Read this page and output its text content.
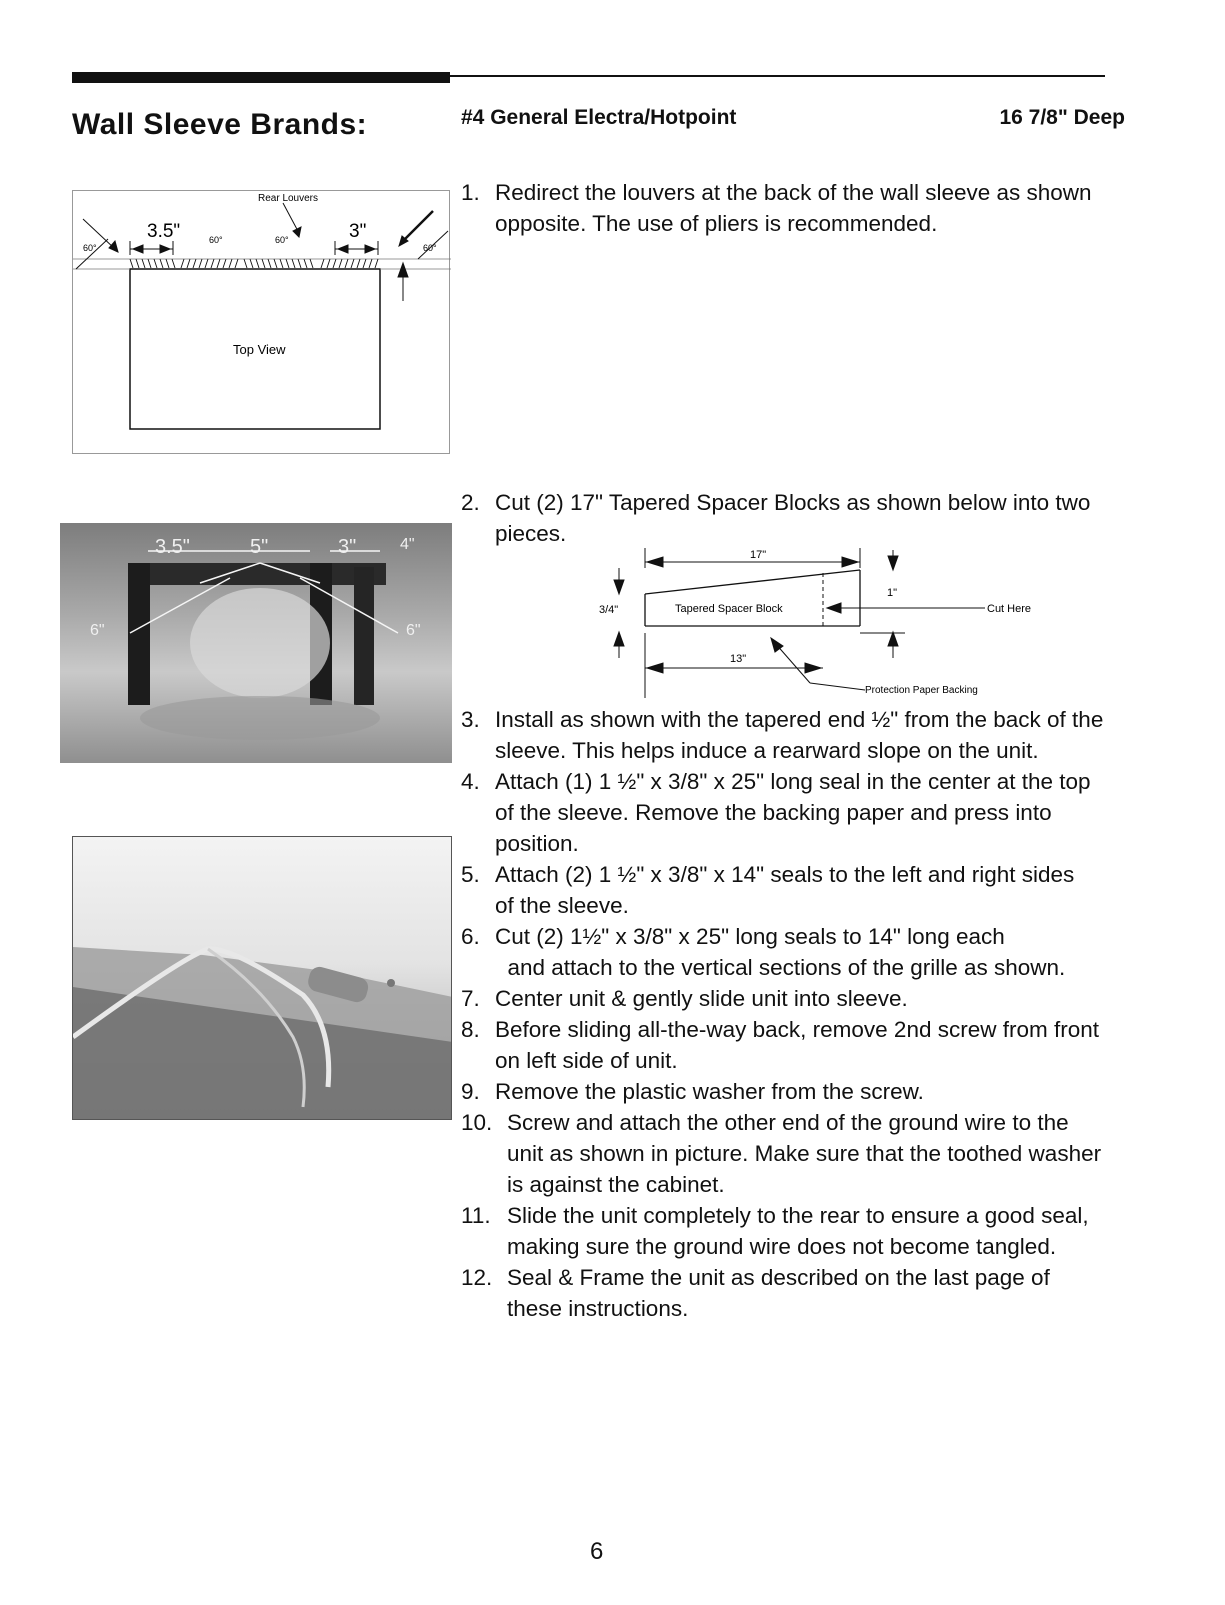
Wall Sleeve Brands:	#4 General Electra/Hotpoint	16 7/8" Deep
Rear Louvers
3.5"	3"
60°
60°	60°
60°
Top View
3.5"	5"	3"	4"
6"	6"
1. Redirect the louvers at the back of the wall sleeve as shown
opposite. The use of pliers is recommended.
2. Cut (2) 17" Tapered Spacer Blocks as shown below into two
pieces.
17"
13"
3/4"
1"
Tapered Spacer Block	Cut Here
Protection Paper Backing
3. Install as shown with the tapered end ½" from the back of the
sleeve. This helps induce a rearward slope on the unit.
4. Attach (1) 1 ½" x 3/8" x 25" long seal in the center at the top
of the sleeve. Remove the backing paper and press into
position.
5. Attach (2) 1 ½" x 3/8" x 14" seals to the left and right sides
of the sleeve.
6. Cut (2) 1½" x 3/8" x 25" long seals to 14" long each
and attach to the vertical sections of the grille as shown.
7. Center unit & gently slide unit into sleeve.
8. Before sliding all-the-way back, remove 2nd screw from front
on left side of unit.
9. Remove the plastic washer from the screw.
10. Screw and attach the other end of the ground wire to the
unit as shown in picture. Make sure that the toothed washer
is against the cabinet.
11. Slide the unit completely to the rear to ensure a good seal,
making sure the ground wire does not become tangled.
12. Seal & Frame the unit as described on the last page of
these instructions.
6
